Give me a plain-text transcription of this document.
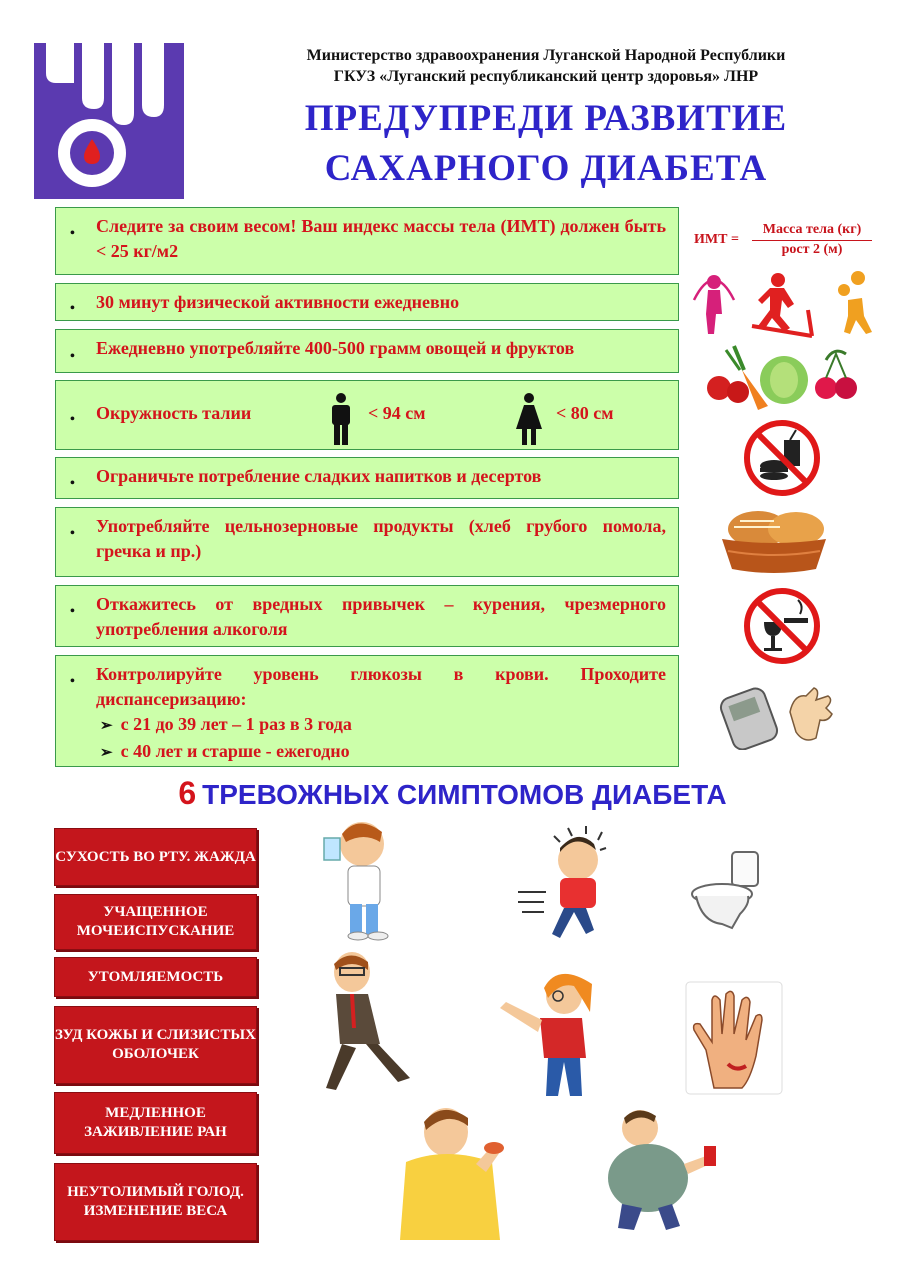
Министерство здравоохранения Луганской Народной Республики
ГКУЗ «Луганский республиканский центр здоровья» ЛНР
ПРЕДУПРЕДИ РАЗВИТИЕ
САХАРНОГО ДИАБЕТА
• Следите за своим весом! Ваш индекс массы тела (ИМТ) должен быть < 25 кг/м2
• 30 минут физической активности ежедневно
• Ежедневно употребляйте 400-500 грамм овощей и фруктов
• Окружность талии	< 94 см	< 80 см
• Ограничьте потребление сладких напитков и десертов
• Употребляйте цельнозерновые продукты (хлеб грубого помола, гречка и пр.)
• Откажитесь от вредных привычек – курения, чрезмерного употребления алкоголя
• Контролируйте уровень глюкозы в крови. Проходите диспансеризацию:
➢ с 21 до 39 лет – 1 раз в 3 года
➢ с 40 лет и старше - ежегодно
ИМТ =
Масса тела (кг)
рост 2 (м)
6 ТРЕВОЖНЫХ СИМПТОМОВ ДИАБЕТА
СУХОСТЬ ВО РТУ. ЖАЖДА
УЧАЩЕННОЕ МОЧЕИСПУСКАНИЕ
УТОМЛЯЕМОСТЬ
ЗУД КОЖЫ И СЛИЗИСТЫХ ОБОЛОЧЕК
МЕДЛЕННОЕ ЗАЖИВЛЕНИЕ РАН
НЕУТОЛИМЫЙ ГОЛОД. ИЗМЕНЕНИЕ ВЕСА
